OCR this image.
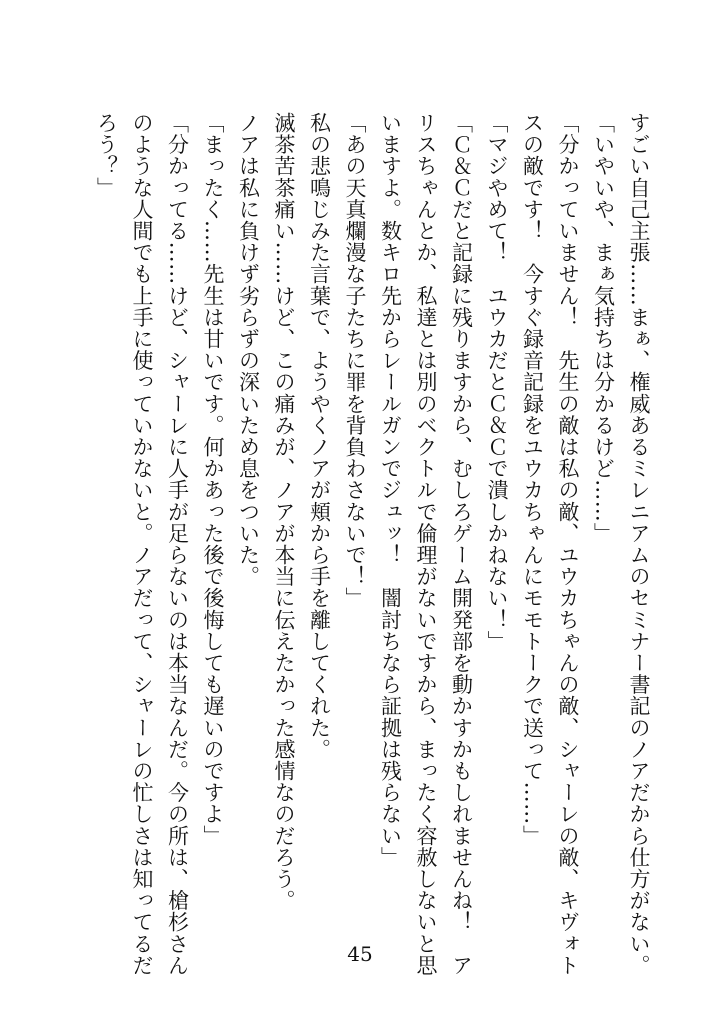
すごい自己主張……まぁ、権威あるミレニアムのセミナー書記のノアだから仕方がない。
「いやいや、まぁ気持ちは分かるけど……」
「分かっていません！　先生の敵は私の敵、ユウカちゃんの敵、シャーレの敵、キヴォト
スの敵です！　今すぐ録音記録をユウカちゃんにモモトークで送って……」
「マジやめて！　ユウカだとＣ＆Ｃで潰しかねない！」
「Ｃ＆Ｃだと記録に残りますから、むしろゲーム開発部を動かすかもしれませんね！　ア
リスちゃんとか、私達とは別のベクトルで倫理がないですから、まったく容赦しないと思
いますよ。数キロ先からレールガンでジュッ！　闇討ちなら証拠は残らない」
「あの天真爛漫な子たちに罪を背負わさないで！」
私の悲鳴じみた言葉で、ようやくノアが頬から手を離してくれた。
滅茶苦茶痛い……けど、この痛みが、ノアが本当に伝えたかった感情なのだろう。
ノアは私に負けず劣らずの深いため息をついた。
「まったく……先生は甘いです。何かあった後で後悔しても遅いのですよ」
「分かってる……けど、シャーレに人手が足らないのは本当なんだ。今の所は、槍杉さん
のような人間でも上手に使っていかないと。ノアだって、シャーレの忙しさは知ってるだ
ろう？」
45
